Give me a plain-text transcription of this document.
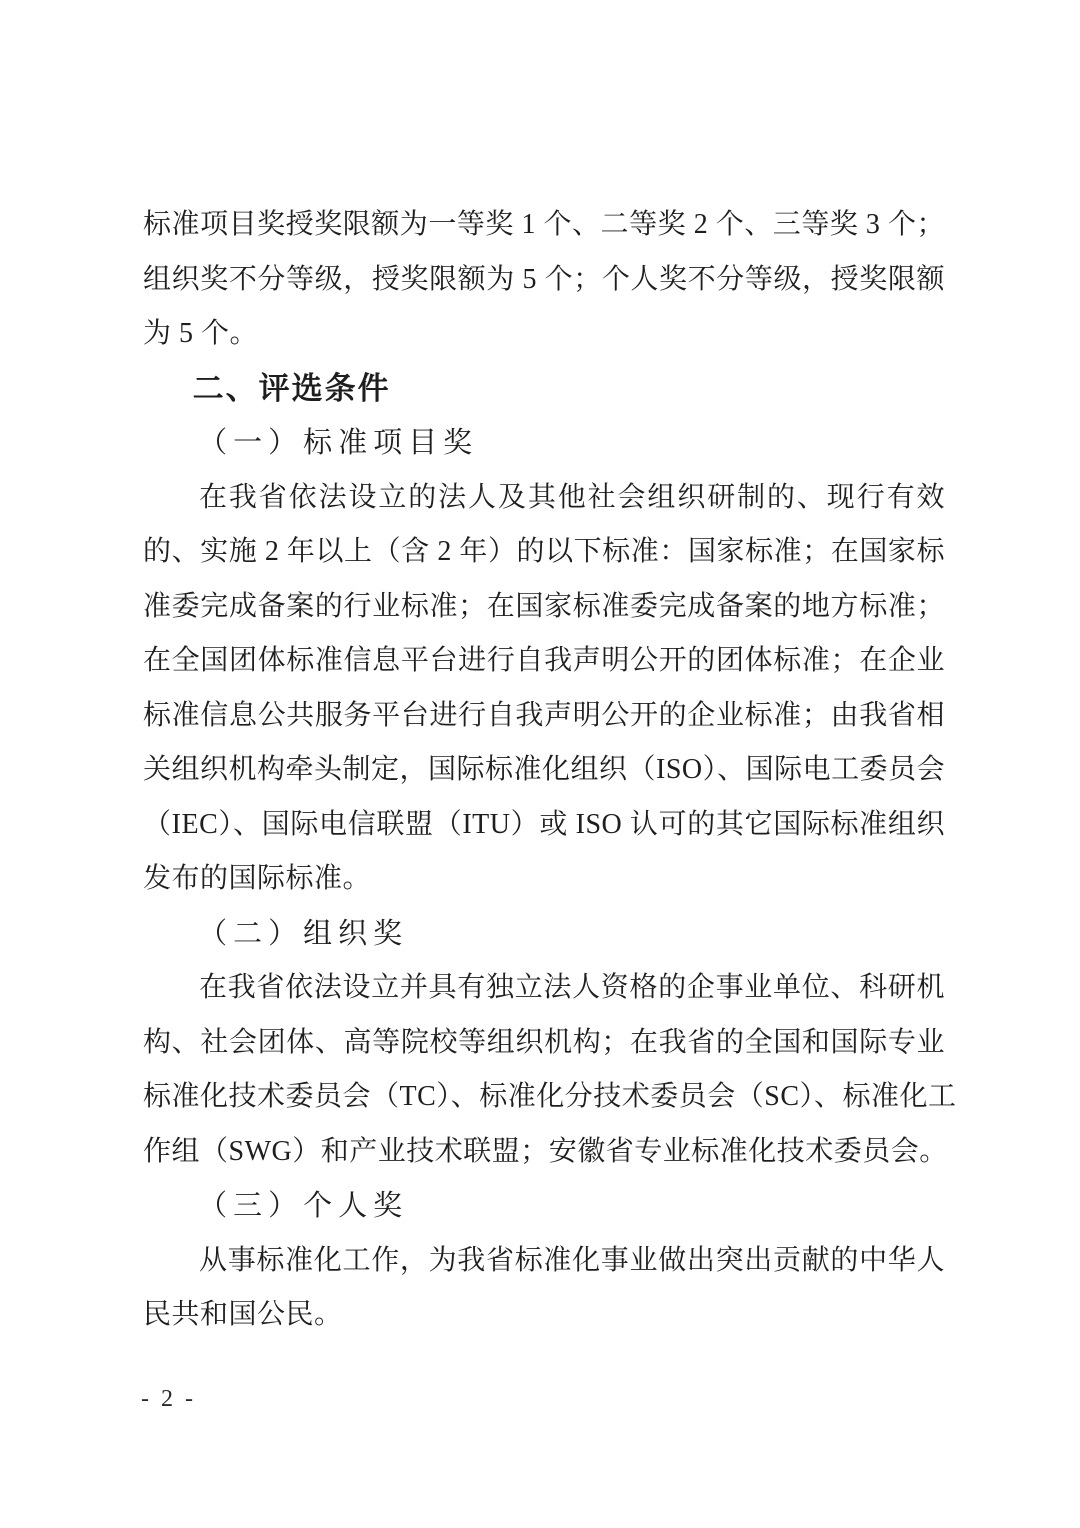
标准项目奖授奖限额为一等奖 1 个、二等奖 2 个、三等奖 3 个；
组织奖不分等级，授奖限额为 5 个；个人奖不分等级，授奖限额
为 5 个。
二、评选条件
（一）标准项目奖
在我省依法设立的法人及其他社会组织研制的、现行有效
的、实施 2 年以上（含 2 年）的以下标准：国家标准；在国家标
准委完成备案的行业标准；在国家标准委完成备案的地方标准；
在全国团体标准信息平台进行自我声明公开的团体标准；在企业
标准信息公共服务平台进行自我声明公开的企业标准；由我省相
关组织机构牵头制定，国际标准化组织（ISO）、国际电工委员会
（IEC）、国际电信联盟（ITU）或 ISO 认可的其它国际标准组织
发布的国际标准。
（二）组织奖
在我省依法设立并具有独立法人资格的企事业单位、科研机
构、社会团体、高等院校等组织机构；在我省的全国和国际专业
标准化技术委员会（TC）、标准化分技术委员会（SC）、标准化工
作组（SWG）和产业技术联盟；安徽省专业标准化技术委员会。
（三）个人奖
从事标准化工作，为我省标准化事业做出突出贡献的中华人
民共和国公民。
- 2 -
